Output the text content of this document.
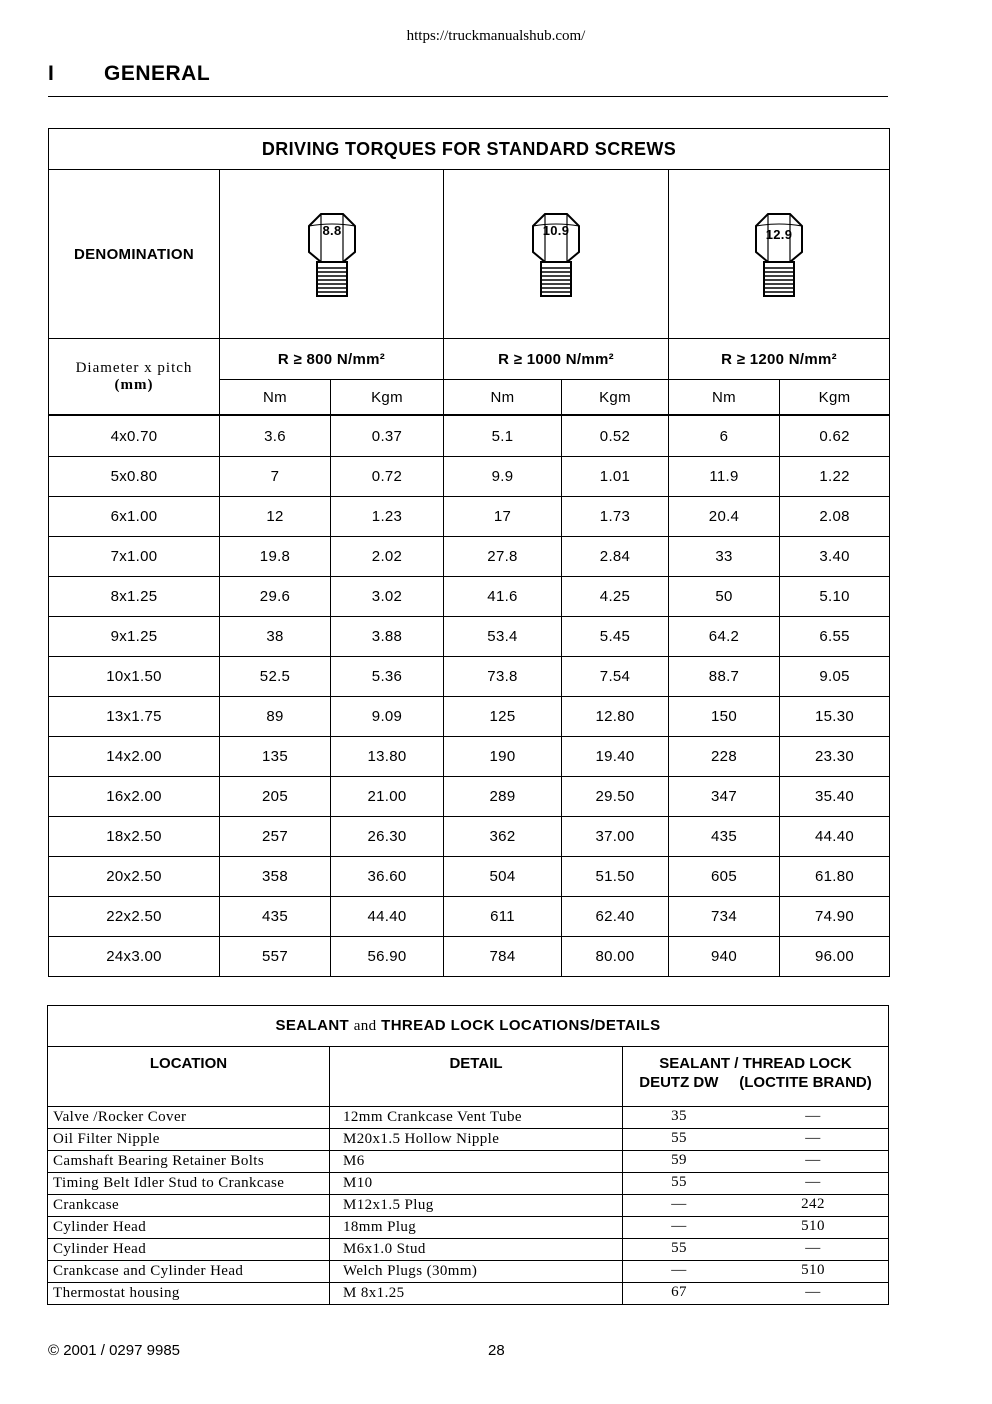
https://truckmanualshub.com/
I GENERAL
DRIVING TORQUES FOR STANDARD SCREWS						
DENOMINATION	8.8		10.9		12.9	

Diameter x pitch
(mm)	R ≥ 800 N/mm²		R ≥ 1000 N/mm²		R ≥ 1200 N/mm²	
	Nm	Kgm	Nm	Kgm	Nm	Kgm
4x0.70	3.6	0.37	5.1	0.52	6	0.62
5x0.80	7	0.72	9.9	1.01	11.9	1.22
6x1.00	12	1.23	17	1.73	20.4	2.08
7x1.00	19.8	2.02	27.8	2.84	33	3.40
8x1.25	29.6	3.02	41.6	4.25	50	5.10
9x1.25	38	3.88	53.4	5.45	64.2	6.55
10x1.50	52.5	5.36	73.8	7.54	88.7	9.05
13x1.75	89	9.09	125	12.80	150	15.30
14x2.00	135	13.80	190	19.40	228	23.30
16x2.00	205	21.00	289	29.50	347	35.40
18x2.50	257	26.30	362	37.00	435	44.40
20x2.50	358	36.60	504	51.50	605	61.80
22x2.50	435	44.40	611	62.40	734	74.90
24x3.00	557	56.90	784	80.00	940	96.00
SEALANT and THREAD LOCK LOCATIONS/DETAILS		
LOCATION	DETAIL	SEALANT / THREAD LOCK
DEUTZ DW     (LOCTITE BRAND)

Valve /Rocker Cover	12mm Crankcase Vent Tube	35 —

Oil Filter Nipple	M20x1.5 Hollow Nipple	55 —

Camshaft Bearing Retainer Bolts	M6	59 —

Timing Belt Idler Stud to Crankcase	M10	55 —

Crankcase	M12x1.5 Plug	— 242

Cylinder Head	18mm Plug	— 510

Cylinder Head	M6x1.0 Stud	55 —

Crankcase and Cylinder Head	Welch Plugs (30mm)	— 510

Thermostat housing	M 8x1.25	67 —
© 2001 / 0297 9985	28
